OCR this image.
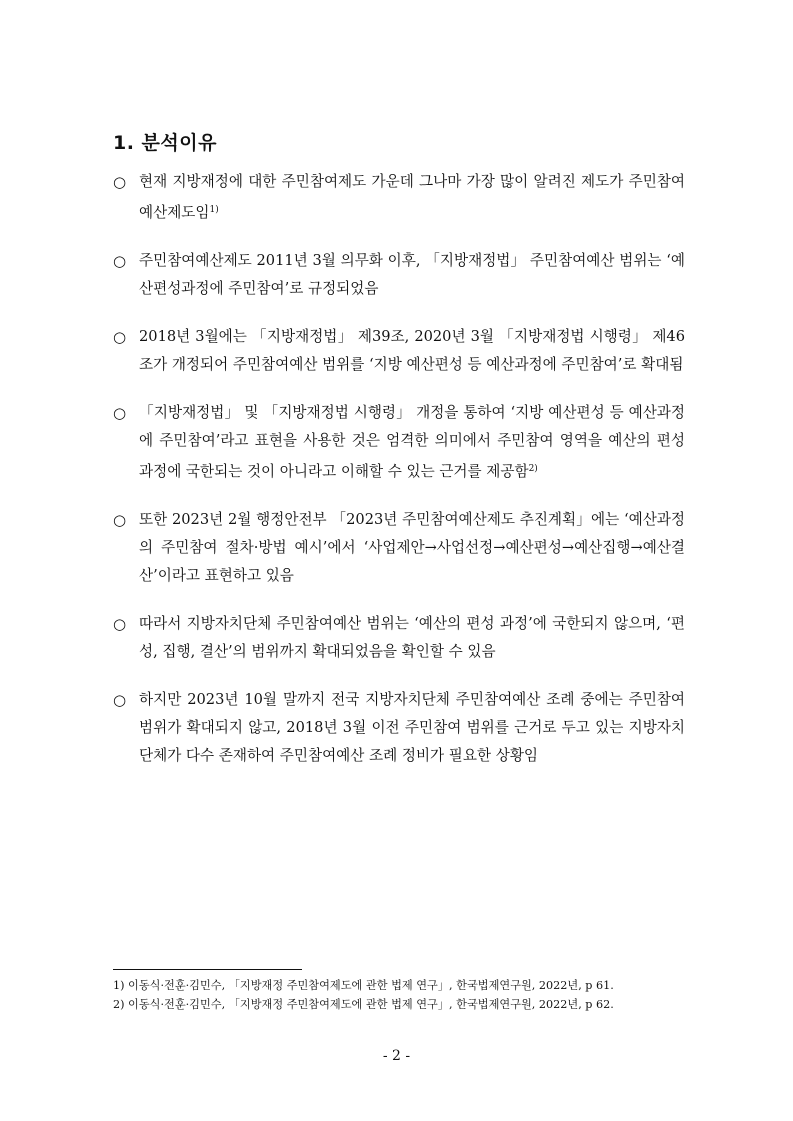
1. 분석이유
○ 현재 지방재정에 대한 주민참여제도 가운데 그나마 가장 많이 알려진 제도가 주민참여예산제도임$^{1)}$
○ 주민참여예산제도 2011년 3월 의무화 이후, 「지방재정법」 주민참여예산 범위는 ‘예산편성과정에 주민참여’로 규정되었음
○ 2018년 3월에는 「지방재정법」 제39조, 2020년 3월 「지방재정법 시행령」 제46조가 개정되어 주민참여예산 범위를 ‘지방 예산편성 등 예산과정에 주민참여’로 확대됨
○ 「지방재정법」 및 「지방재정법 시행령」 개정을 통하여 ‘지방 예산편성 등 예산과정에 주민참여’라고 표현을 사용한 것은 엄격한 의미에서 주민참여 영역을 예산의 편성 과정에 국한되는 것이 아니라고 이해할 수 있는 근거를 제공함$^{2)}$
○ 또한 2023년 2월 행정안전부 「2023년 주민참여예산제도 추진계획」에는 ‘예산과정의 주민참여 절차·방법 예시’에서 ‘사업제안→사업선정→예산편성→예산집행→예산결산’이라고 표현하고 있음
○ 따라서 지방자치단체 주민참여예산 범위는 ‘예산의 편성 과정’에 국한되지 않으며, ‘편성, 집행, 결산’의 범위까지 확대되었음을 확인할 수 있음
○ 하지만 2023년 10월 말까지 전국 지방자치단체 주민참여예산 조례 중에는 주민참여 범위가 확대되지 않고, 2018년 3월 이전 주민참여 범위를 근거로 두고 있는 지방자치단체가 다수 존재하여 주민참여예산 조례 정비가 필요한 상황임
1) 이동식·전훈·김민수, 「지방재정 주민참여제도에 관한 법제 연구」, 한국법제연구원, 2022년, p 61.
2) 이동식·전훈·김민수, 「지방재정 주민참여제도에 관한 법제 연구」, 한국법제연구원, 2022년, p 62.
- 2 -
